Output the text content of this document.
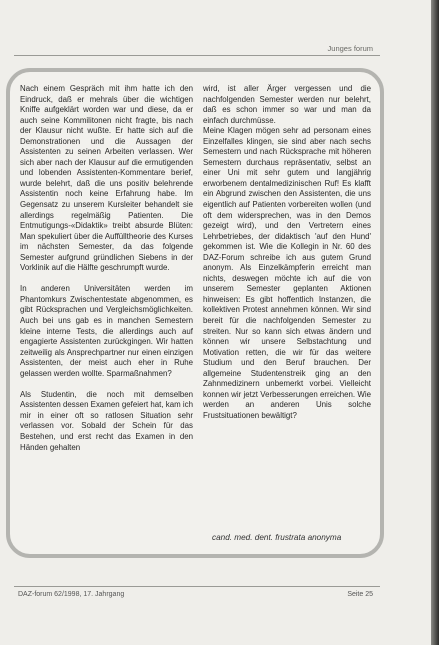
Junges forum

Nach einem Gespräch mit ihm hatte ich den Eindruck, daß er mehrals über die wichtigen Kniffe aufgeklärt worden war und diese, da er auch seine Kommilitonen nicht fragte, bis nach der Klausur nicht wußte. Er hatte sich auf die Demonstrationen und die Aussagen der Assistenten zu seinen Arbeiten verlassen. Wer sich aber nach der Klausur auf die ermutigenden und lobenden Assistenten-Kommentare berief, wurde belehrt, daß die uns positiv belehrende Assistentin noch keine Erfahrung habe. Im Gegensatz zu unserem Kursleiter behandelt sie allerdings regelmäßig Patienten. Die Entmutigungs-«Didaktik» treibt absurde Blüten: Man spekuliert über die Auffülltheorie des Kurses im nächsten Semester, da das folgende Semester aufgrund gründlichen Siebens in der Vorklinik auf die Hälfte geschrumpft wurde.

In anderen Universitäten werden im Phantomkurs Zwischentestate abgenommen, es gibt Rücksprachen und Vergleichsmöglichkeiten. Auch bei uns gab es in manchen Semestern kleine interne Tests, die allerdings auch auf engagierte Assistenten zurückgingen. Wir hatten zeitweilig als Ansprechpartner nur einen einzigen Assistenten, der meist auch eher in Ruhe gelassen werden wollte. Sparmaßnahmen?

Als Studentin, die noch mit demselben Assistenten dessen Examen gefeiert hat, kam ich mir in einer oft so ratlosen Situation sehr verlassen vor. Sobald der Schein für das Bestehen, und erst recht das Examen in den Händen gehalten

wird, ist aller Ärger vergessen und die nachfolgenden Semester werden nur belehrt, daß es schon immer so war und man da einfach durchmüsse.

Meine Klagen mögen sehr ad personam eines Einzelfalles klingen, sie sind aber nach sechs Semestern und nach Rücksprache mit höheren Semestern durchaus repräsentativ, selbst an einer Uni mit sehr gutem und langjährig erworbenem dentalmedizinischen Ruf! Es klafft ein Abgrund zwischen den Assistenten, die uns eigentlich auf Patienten vorbereiten wollen (und oft dem widersprechen, was in den Demos gezeigt wird), und den Vertretern eines Lehrbetriebes, der didaktisch 'auf den Hund' gekommen ist. Wie die Kollegin in Nr. 60 des DAZ-Forum schreibe ich aus gutem Grund anonym. Als Einzelkämpferin erreicht man nichts, deswegen möchte ich auf die von unserem Semester geplanten Aktionen hinweisen: Es gibt hoffentlich Instanzen, die kollektiven Protest annehmen können. Wir sind bereit für die nachfolgenden Semester zu streiten. Nur so kann sich etwas ändern und können wir unsere Selbstachtung und Motivation retten, die wir für das weitere Studium und den Beruf brauchen. Der allgemeine Studentenstreik ging an den Zahnmedizinern unbemerkt vorbei. Vielleicht konnen wir jetzt Verbesserungen erreichen. Wie werden an anderen Unis solche Frustsituationen bewältigt?

cand. med. dent. frustrata anonyma
DAZ-forum 62/1998, 17. Jahrgang	Seite 25
